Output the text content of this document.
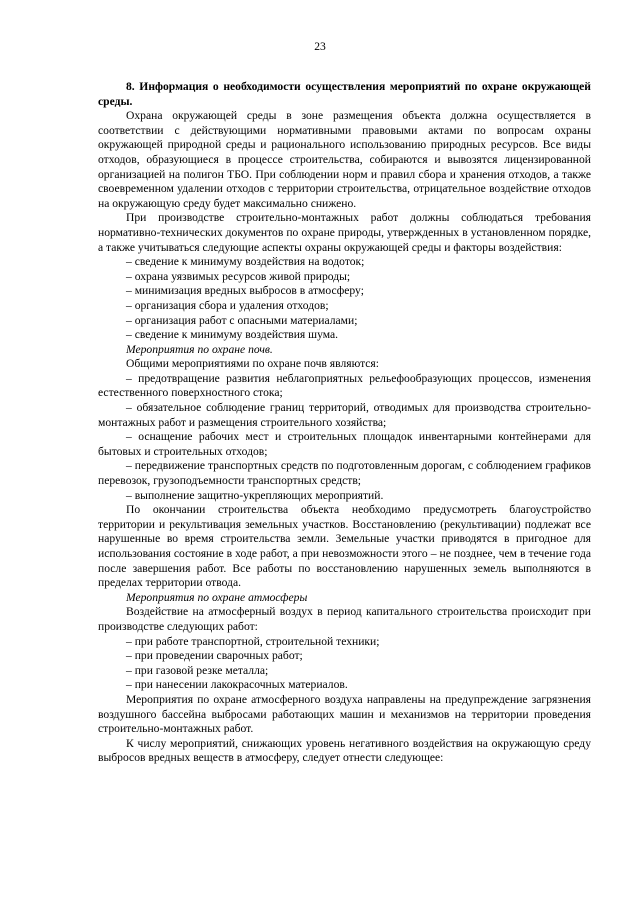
23

8. Информация о необходимости осуществления мероприятий по охране окружающей среды.

Охрана окружающей среды в зоне размещения объекта должна осуществляется в соответствии с действующими нормативными правовыми актами по вопросам охраны окружающей природной среды и рационального использованию природных ресурсов. Все виды отходов, образующиеся в процессе строительства, собираются и вывозятся лицензированной организацией на полигон ТБО. При соблюдении норм и правил сбора и хранения отходов, а также своевременном удалении отходов с территории строительства, отрицательное воздействие отходов на окружающую среду будет максимально снижено.

При производстве строительно-монтажных работ должны соблюдаться требования нормативно-технических документов по охране природы, утвержденных в установленном порядке, а также учитываться следующие аспекты охраны окружающей среды и факторы воздействия:

– сведение к минимуму воздействия на водоток;

– охрана уязвимых ресурсов живой природы;

– минимизация вредных выбросов в атмосферу;

– организация сбора и удаления отходов;

– организация работ с опасными материалами;

– сведение к минимуму воздействия шума.

Мероприятия по охране почв.

Общими мероприятиями по охране почв являются:

– предотвращение развития неблагоприятных рельефообразующих процессов, изменения естественного поверхностного стока;

– обязательное соблюдение границ территорий, отводимых для производства строительно-монтажных работ и размещения строительного хозяйства;

– оснащение рабочих мест и строительных площадок инвентарными контейнерами для бытовых и строительных отходов;

– передвижение транспортных средств по подготовленным дорогам, с соблюдением графиков перевозок, грузоподъемности транспортных средств;

– выполнение защитно-укрепляющих мероприятий.

По окончании строительства объекта необходимо предусмотреть благоустройство территории и рекультивация земельных участков. Восстановлению (рекультивации) подлежат все нарушенные во время строительства земли. Земельные участки приводятся в пригодное для использования состояние в ходе работ, а при невозможности этого – не позднее, чем в течение года после завершения работ. Все работы по восстановлению нарушенных земель выполняются в пределах территории отвода.

Мероприятия по охране атмосферы

Воздействие на атмосферный воздух в период капитального строительства происходит при производстве следующих работ:

– при работе транспортной, строительной техники;

– при проведении сварочных работ;

– при газовой резке металла;

– при нанесении лакокрасочных материалов.

Мероприятия по охране атмосферного воздуха направлены на предупреждение загрязнения воздушного бассейна выбросами работающих машин и механизмов на территории проведения строительно-монтажных работ.

К числу мероприятий, снижающих уровень негативного воздействия на окружающую среду выбросов вредных веществ в атмосферу, следует отнести следующее:
